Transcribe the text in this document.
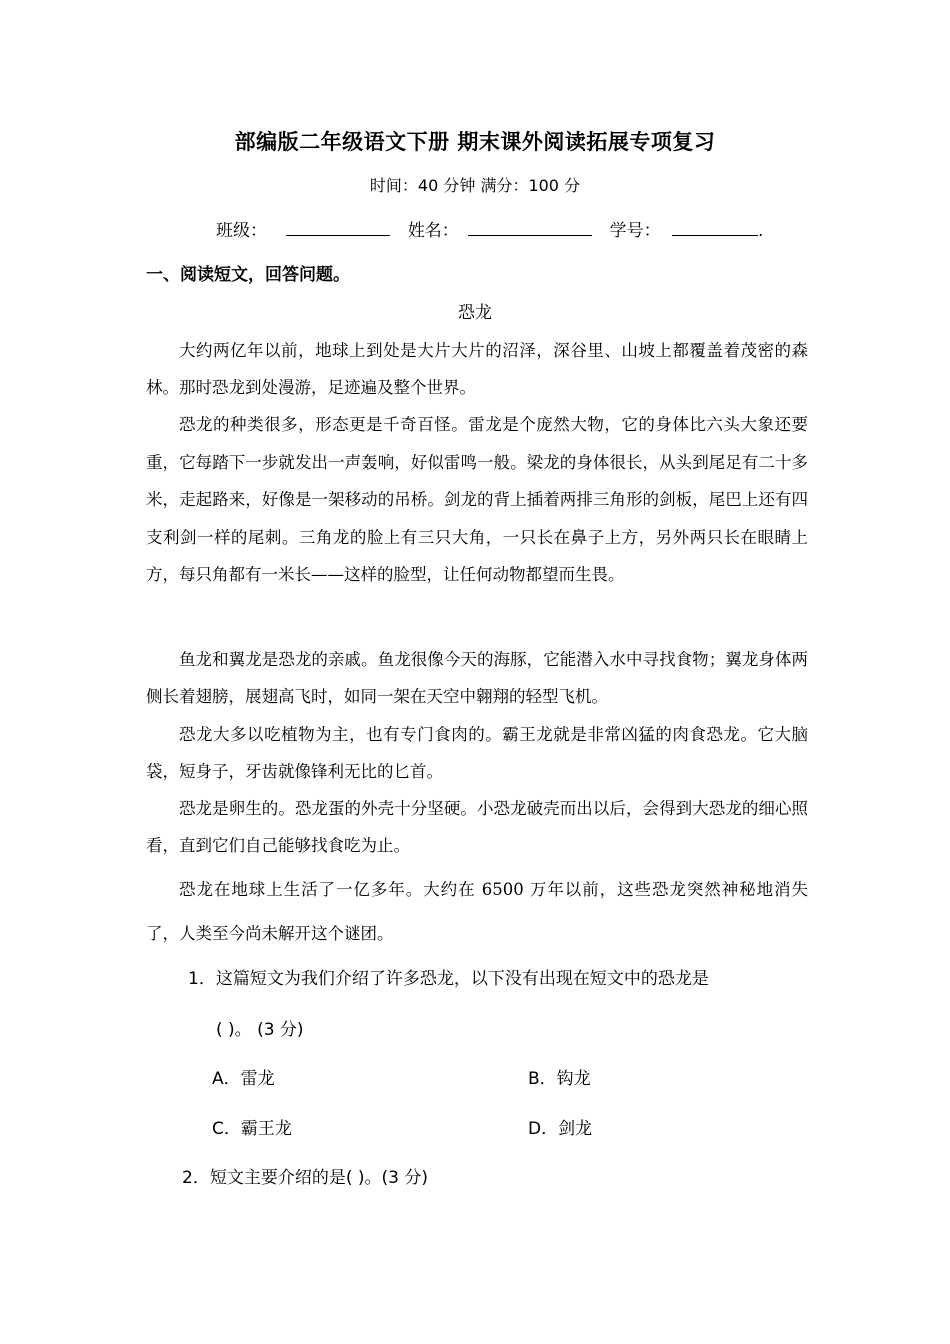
部编版二年级语文下册 期末课外阅读拓展专项复习
时间：40 分钟 满分：100 分
班级：	姓名：	学号：	.
一、阅读短文，回答问题。
恐龙

大约两亿年以前，地球上到处是大片大片的沼泽，深谷里、山坡上都覆盖着茂密的森林。那时恐龙到处漫游，足迹遍及整个世界。

恐龙的种类很多，形态更是千奇百怪。雷龙是个庞然大物，它的身体比六头大象还要重，它每踏下一步就发出一声轰响，好似雷鸣一般。梁龙的身体很长，从头到尾足有二十多米，走起路来，好像是一架移动的吊桥。剑龙的背上插着两排三角形的剑板，尾巴上还有四支利剑一样的尾刺。三角龙的脸上有三只大角，一只长在鼻子上方，另外两只长在眼睛上方，每只角都有一米长——这样的脸型，让任何动物都望而生畏。

鱼龙和翼龙是恐龙的亲戚。鱼龙很像今天的海豚，它能潜入水中寻找食物；翼龙身体两侧长着翅膀，展翅高飞时，如同一架在天空中翱翔的轻型飞机。

恐龙大多以吃植物为主，也有专门食肉的。霸王龙就是非常凶猛的肉食恐龙。它大脑袋，短身子，牙齿就像锋利无比的匕首。

恐龙是卵生的。恐龙蛋的外壳十分坚硬。小恐龙破壳而出以后，会得到大恐龙的细心照看，直到它们自己能够找食吃为止。

恐龙在地球上生活了一亿多年。大约在 6500 万年以前，这些恐龙突然神秘地消失了，人类至今尚未解开这个谜团。

1．这篇短文为我们介绍了许多恐龙，以下没有出现在短文中的恐龙是
( )。 (3 分)
A．雷龙	B．钩龙
C．霸王龙	D．剑龙
2．短文主要介绍的是( )。(3 分)
